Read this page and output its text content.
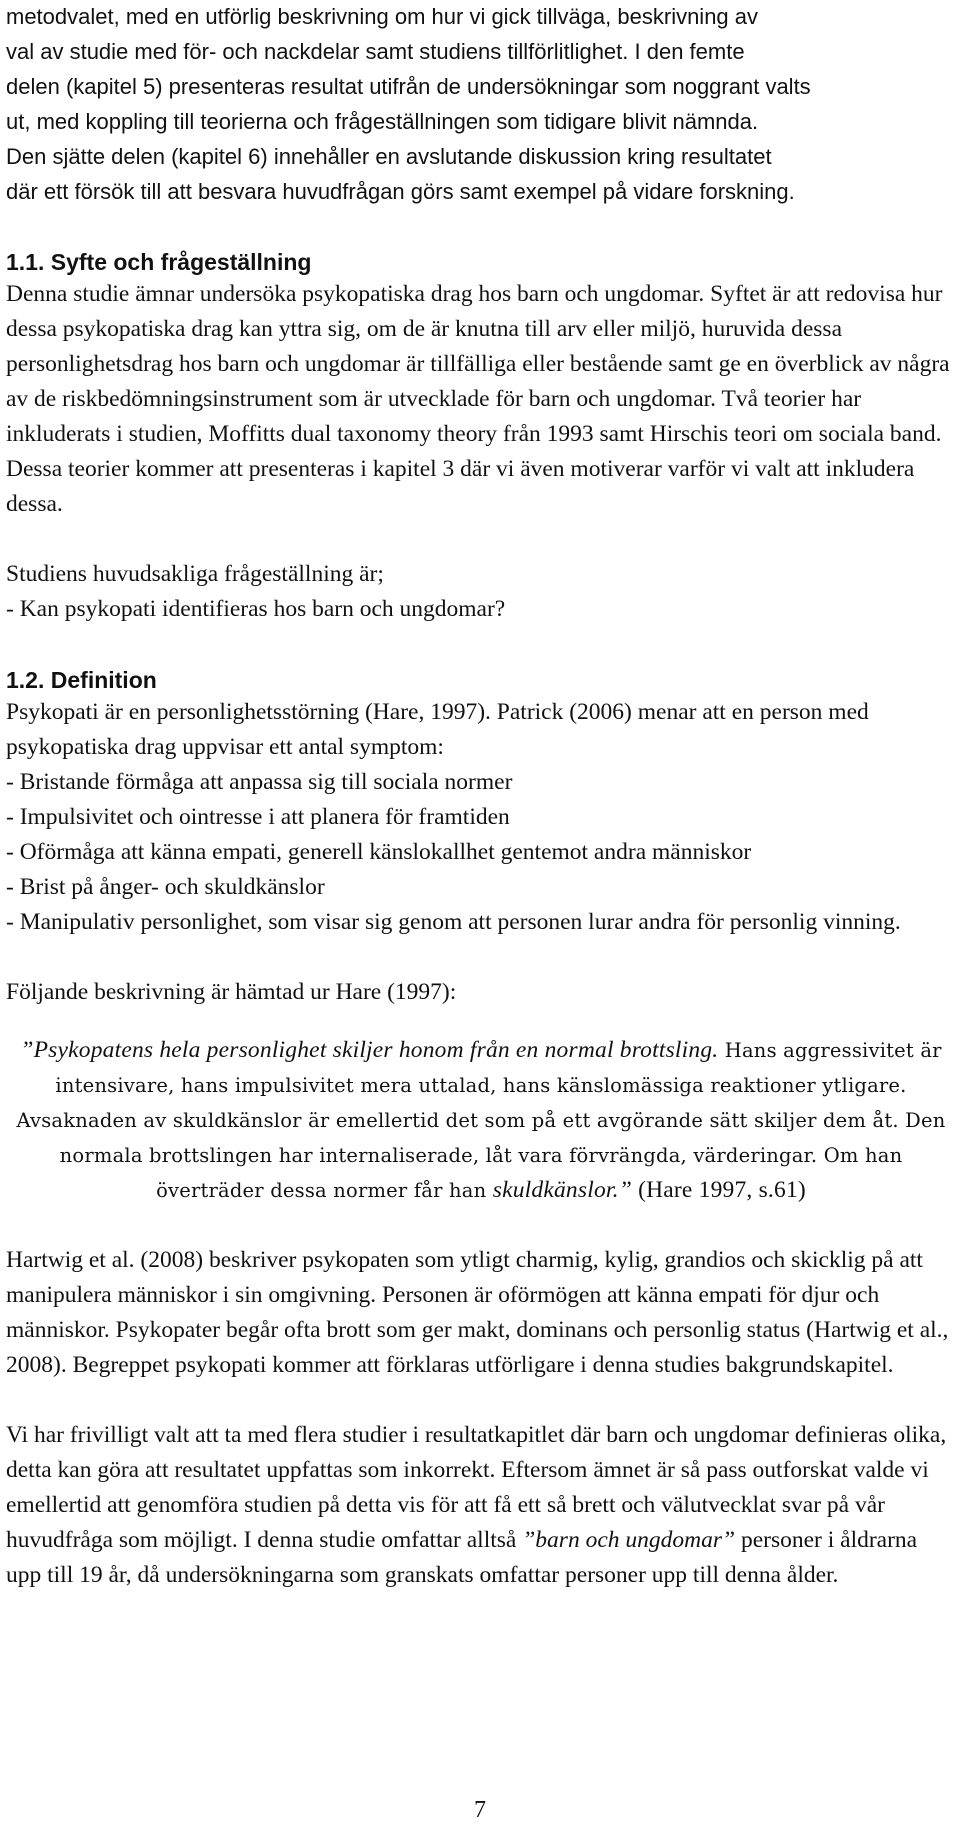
metodvalet, med en utförlig beskrivning om hur vi gick tillväga, beskrivning av
val av studie med för- och nackdelar samt studiens tillförlitlighet. I den femte
delen (kapitel 5) presenteras resultat utifrån de undersökningar som noggrant valts
ut, med koppling till teorierna och frågeställningen som tidigare blivit nämnda.
Den sjätte delen (kapitel 6) innehåller en avslutande diskussion kring resultatet
där ett försök till att besvara huvudfrågan görs samt exempel på vidare forskning.
1.1. Syfte och frågeställning

Denna studie ämnar undersöka psykopatiska drag hos barn och ungdomar. Syftet är att redovisa hur dessa psykopatiska drag kan yttra sig, om de är knutna till arv eller miljö, huruvida dessa personlighetsdrag hos barn och ungdomar är tillfälliga eller bestående samt ge en överblick av några av de riskbedömningsinstrument som är utvecklade för barn och ungdomar. Två teorier har inkluderats i studien, Moffitts dual taxonomy theory från 1993 samt Hirschis teori om sociala band. Dessa teorier kommer att presenteras i kapitel 3 där vi även motiverar varför vi valt att inkludera dessa.

Studiens huvudsakliga frågeställning är;

- Kan psykopati identifieras hos barn och ungdomar?

1.2. Definition

Psykopati är en personlighetsstörning (Hare, 1997). Patrick (2006) menar att en person med psykopatiska drag uppvisar ett antal symptom:

- Bristande förmåga att anpassa sig till sociala normer
- Impulsivitet och ointresse i att planera för framtiden
- Oförmåga att känna empati, generell känslokallhet gentemot andra människor
- Brist på ånger- och skuldkänslor
- Manipulativ personlighet, som visar sig genom att personen lurar andra för personlig vinning.

Följande beskrivning är hämtad ur Hare (1997):

”Psykopatens hela personlighet skiljer honom från en normal brottsling. Hans aggressivitet är intensivare, hans impulsivitet mera uttalad, hans känslomässiga reaktioner ytligare. Avsaknaden av skuldkänslor är emellertid det som på ett avgörande sätt skiljer dem åt. Den normala brottslingen har internaliserade, låt vara förvrängda, värderingar. Om han överträder dessa normer får han skuldkänslor.” (Hare 1997, s.61)

Hartwig et al. (2008) beskriver psykopaten som ytligt charmig, kylig, grandios och skicklig på att manipulera människor i sin omgivning. Personen är oförmögen att känna empati för djur och människor. Psykopater begår ofta brott som ger makt, dominans och personlig status (Hartwig et al., 2008). Begreppet psykopati kommer att förklaras utförligare i denna studies bakgrundskapitel.

Vi har frivilligt valt att ta med flera studier i resultatkapitlet där barn och ungdomar definieras olika, detta kan göra att resultatet uppfattas som inkorrekt. Eftersom ämnet är så pass outforskat valde vi emellertid att genomföra studien på detta vis för att få ett så brett och välutvecklat svar på vår huvudfråga som möjligt. I denna studie omfattar alltså ”barn och ungdomar” personer i åldrarna upp till 19 år, då undersökningarna som granskats omfattar personer upp till denna ålder.

7
